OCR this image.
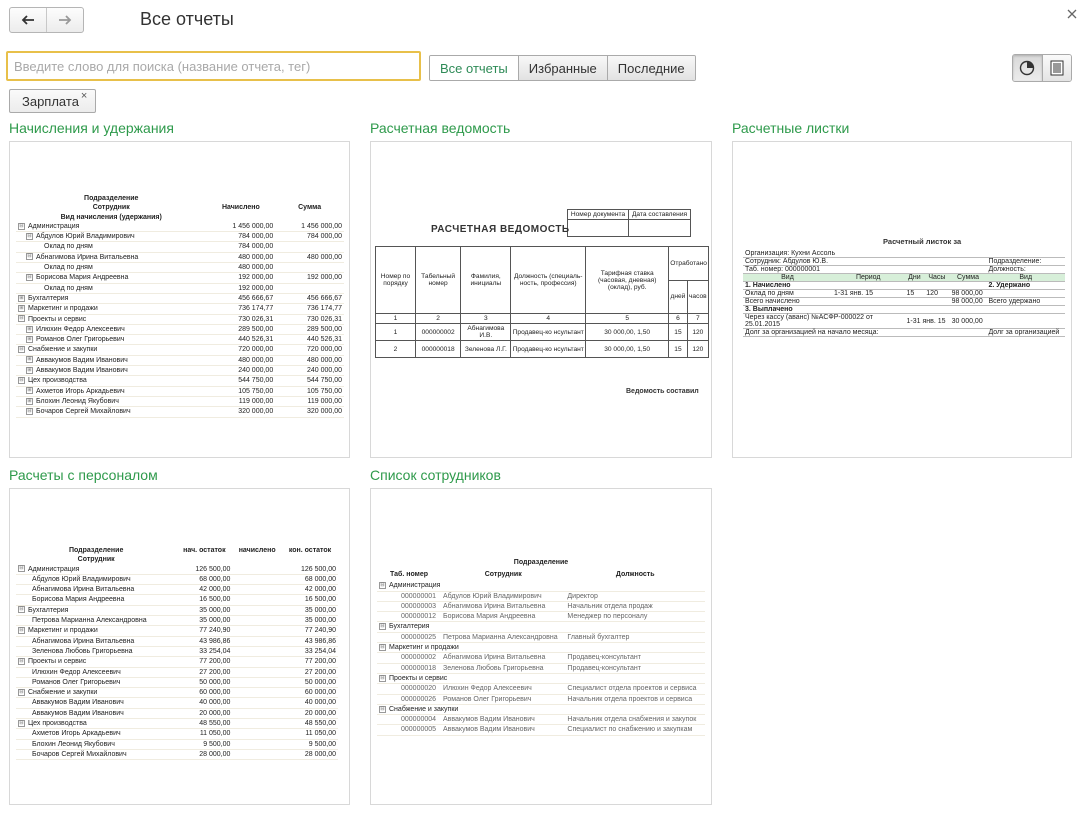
Все отчеты
Введите слово для поиска (название отчета, тег)
Все отчеты	Избранные	Последние
Зарплата ×
Начисления и удержания
Подразделение		
Сотрудник	Начислено	Сумма
Вид начисления (удержания)		
⊟ Администрация	1 456 000,00	1 456 000,00
⊟ Абдулов Юрий Владимирович	784 000,00	784 000,00
Оклад по дням	784 000,00	
⊟ Абнагимова Ирина Витальевна	480 000,00	480 000,00
Оклад по дням	480 000,00	
⊟ Борисова Мария Андреевна	192 000,00	192 000,00
Оклад по дням	192 000,00	
⊞ Бухгалтерия	456 666,67	456 666,67
⊞ Маркетинг и продажи	736 174,77	736 174,77
⊟ Проекты и сервис	730 026,31	730 026,31
⊞ Илюхин Федор Алексеевич	289 500,00	289 500,00
⊞ Романов Олег Григорьевич	440 526,31	440 526,31
⊟ Снабжение и закупки	720 000,00	720 000,00
⊞ Аввакумов Вадим Иванович	480 000,00	480 000,00
⊞ Аввакумов Вадим Иванович	240 000,00	240 000,00
⊟ Цех производства	544 750,00	544 750,00
⊞ Ахметов Игорь Аркадьевич	105 750,00	105 750,00
⊞ Блохин Леонид Якубович	119 000,00	119 000,00
⊟ Бочаров Сергей Михайлович	320 000,00	320 000,00
Расчетная ведомость
Номер документа	Дата составления

РАСЧЕТНАЯ ВЕДОМОСТЬ
Номер по порядку	Табельный номер	Фамилия, инициалы	Должность (специаль-ность, профессия)	Тарифная ставка (часовая, дневная) (оклад), руб.	Отработано	
					дней	часов
1	2	3	4	5	6	7
1	000000002	Абнагимова И.В.	Продавец-ко нсультант	30 000,00, 1,50	15	120
2	000000018	Зеленова Л.Г.	Продавец-ко нсультант	30 000,00, 1,50	15	120
Ведомость составил
Расчетные листки
Расчетный листок за
Организация: Кухни Ассоль					
Сотрудник: Абдулов Ю.В.					Подразделение:
Таб. номер: 000000001					Должность:
Вид	Период	Дни	Часы	Сумма	Вид
1. Начислено					2. Удержано
Оклад по дням	1-31 янв. 15	15	120	98 000,00	
Всего начислено				98 000,00	Всего удержано
3. Выплачено					
Через кассу (аванс) №АСФР-000022 от 25.01.2015		1-31 янв. 15		30 000,00	
Долг за организацией на начало месяца:					Долг за организацией
Расчеты с персоналом
Подразделение	нач. остаток	начислено	кон. остаток
Сотрудник			
⊟ Администрация	126 500,00		126 500,00
Абдулов Юрий Владимирович	68 000,00		68 000,00
Абнагимова Ирина Витальевна	42 000,00		42 000,00
Борисова Мария Андреевна	16 500,00		16 500,00
⊟ Бухгалтерия	35 000,00		35 000,00
Петрова Марианна Александровна	35 000,00		35 000,00
⊟ Маркетинг и продажи	77 240,90		77 240,90
Абнагимова Ирина Витальевна	43 986,86		43 986,86
Зеленова Любовь Григорьевна	33 254,04		33 254,04
⊟ Проекты и сервис	77 200,00		77 200,00
Илюхин Федор Алексеевич	27 200,00		27 200,00
Романов Олег Григорьевич	50 000,00		50 000,00
⊟ Снабжение и закупки	60 000,00		60 000,00
Аввакумов Вадим Иванович	40 000,00		40 000,00
Аввакумов Вадим Иванович	20 000,00		20 000,00
⊟ Цех производства	48 550,00		48 550,00
Ахметов Игорь Аркадьевич	11 050,00		11 050,00
Блохин Леонид Якубович	9 500,00		9 500,00
Бочаров Сергей Михайлович	28 000,00		28 000,00
Список сотрудников
Подразделение		
Таб. номер	Сотрудник	Должность
⊟ Администрация		
000000001	Абдулов Юрий Владимирович	Директор
000000003	Абнагимова Ирина Витальевна	Начальник отдела продаж
000000012	Борисова Мария Андреевна	Менеджер по персоналу
⊟ Бухгалтерия		
000000025	Петрова Марианна Александровна	Главный бухгалтер
⊟ Маркетинг и продажи		
000000002	Абнагимова Ирина Витальевна	Продавец-консультант
000000018	Зеленова Любовь Григорьевна	Продавец-консультант
⊟ Проекты и сервис		
000000020	Илюхин Федор Алексеевич	Специалист отдела проектов и сервиса
000000026	Романов Олег Григорьевич	Начальник отдела проектов и сервиса
⊟ Снабжение и закупки		
000000004	Аввакумов Вадим Иванович	Начальник отдела снабжения и закупок
000000005	Аввакумов Вадим Иванович	Специалист по снабжению и закупкам
